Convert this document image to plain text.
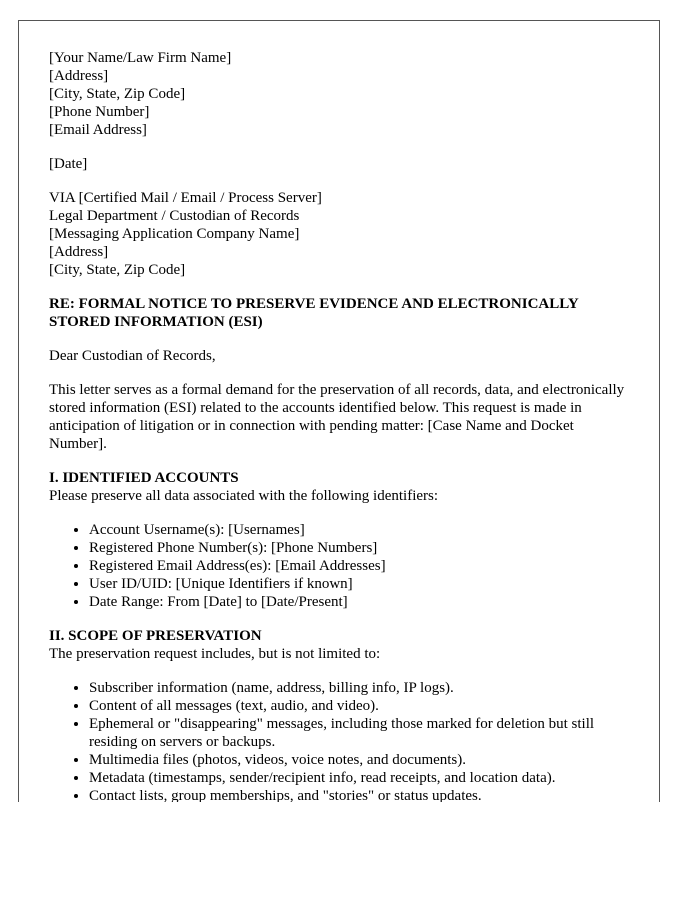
[Your Name/Law Firm Name]
[Address]
[City, State, Zip Code]
[Phone Number]
[Email Address]
[Date]
VIA [Certified Mail / Email / Process Server]
Legal Department / Custodian of Records
[Messaging Application Company Name]
[Address]
[City, State, Zip Code]
RE: FORMAL NOTICE TO PRESERVE EVIDENCE AND ELECTRONICALLY STORED INFORMATION (ESI)

Dear Custodian of Records,

This letter serves as a formal demand for the preservation of all records, data, and electronically stored information (ESI) related to the accounts identified below. This request is made in anticipation of litigation or in connection with pending matter: [Case Name and Docket Number].

I. IDENTIFIED ACCOUNTS
Please preserve all data associated with the following identifiers:
• Account Username(s): [Usernames]
• Registered Phone Number(s): [Phone Numbers]
• Registered Email Address(es): [Email Addresses]
• User ID/UID: [Unique Identifiers if known]
• Date Range: From [Date] to [Date/Present]
II. SCOPE OF PRESERVATION
The preservation request includes, but is not limited to:
• Subscriber information (name, address, billing info, IP logs).
• Content of all messages (text, audio, and video).
• Ephemeral or "disappearing" messages, including those marked for deletion but still residing on servers or backups.
• Multimedia files (photos, videos, voice notes, and documents).
• Metadata (timestamps, sender/recipient info, read receipts, and location data).
• Contact lists, group memberships, and "stories" or status updates.
